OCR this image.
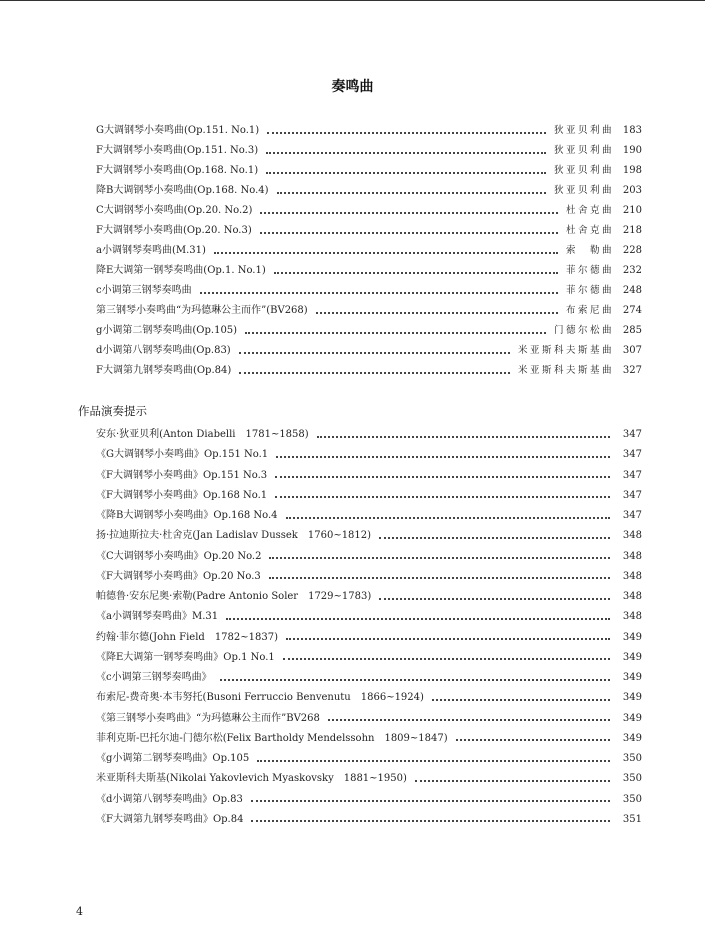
奏鸣曲
G大调钢琴小奏鸣曲(Op.151. No.1)	狄亚贝利曲 183
F大调钢琴小奏鸣曲(Op.151. No.3)	狄亚贝利曲 190
F大调钢琴小奏鸣曲(Op.168. No.1)	狄亚贝利曲 198
降B大调钢琴小奏鸣曲(Op.168. No.4)	狄亚贝利曲 203
C大调钢琴小奏鸣曲(Op.20. No.2)	杜舍克曲 210
F大调钢琴小奏鸣曲(Op.20. No.3)	杜舍克曲 218
a小调钢琴奏鸣曲(M.31)	索　勒曲 228
降E大调第一钢琴奏鸣曲(Op.1. No.1)	菲尔德曲 232
c小调第三钢琴奏鸣曲	菲尔德曲 248
第三钢琴小奏鸣曲“为玛德琳公主而作”(BV268)	布索尼曲 274
g小调第二钢琴奏鸣曲(Op.105)	门德尔松曲 285
d小调第八钢琴奏鸣曲(Op.83)	米亚斯科夫斯基曲 307
F大调第九钢琴奏鸣曲(Op.84)	米亚斯科夫斯基曲 327
作品演奏提示
安东·狄亚贝利(Anton Diabelli　1781~1858)	347
《G大调钢琴小奏鸣曲》Op.151 No.1	347
《F大调钢琴小奏鸣曲》Op.151 No.3	347
《F大调钢琴小奏鸣曲》Op.168 No.1	347
《降B大调钢琴小奏鸣曲》Op.168 No.4	347
扬·拉迪斯拉夫·杜舍克(Jan Ladislav Dussek　1760~1812)	348
《C大调钢琴小奏鸣曲》Op.20 No.2	348
《F大调钢琴小奏鸣曲》Op.20 No.3	348
帕德鲁·安东尼奥·索勒(Padre Antonio Soler　1729~1783)	348
《a小调钢琴奏鸣曲》M.31	348
约翰·菲尔德(John Field　1782~1837)	349
《降E大调第一钢琴奏鸣曲》Op.1 No.1	349
《c小调第三钢琴奏鸣曲》	349
布索尼-费奇奥·本韦努托(Busoni Ferruccio Benvenutu　1866~1924)	349
《第三钢琴小奏鸣曲》“为玛德琳公主而作”BV268	349
菲利克斯-巴托尔迪-门德尔松(Felix Bartholdy Mendelssohn　1809~1847)	349
《g小调第二钢琴奏鸣曲》Op.105	350
米亚斯科夫斯基(Nikolai Yakovlevich Myaskovsky　1881~1950)	350
《d小调第八钢琴奏鸣曲》Op.83	350
《F大调第九钢琴奏鸣曲》Op.84	351
4
